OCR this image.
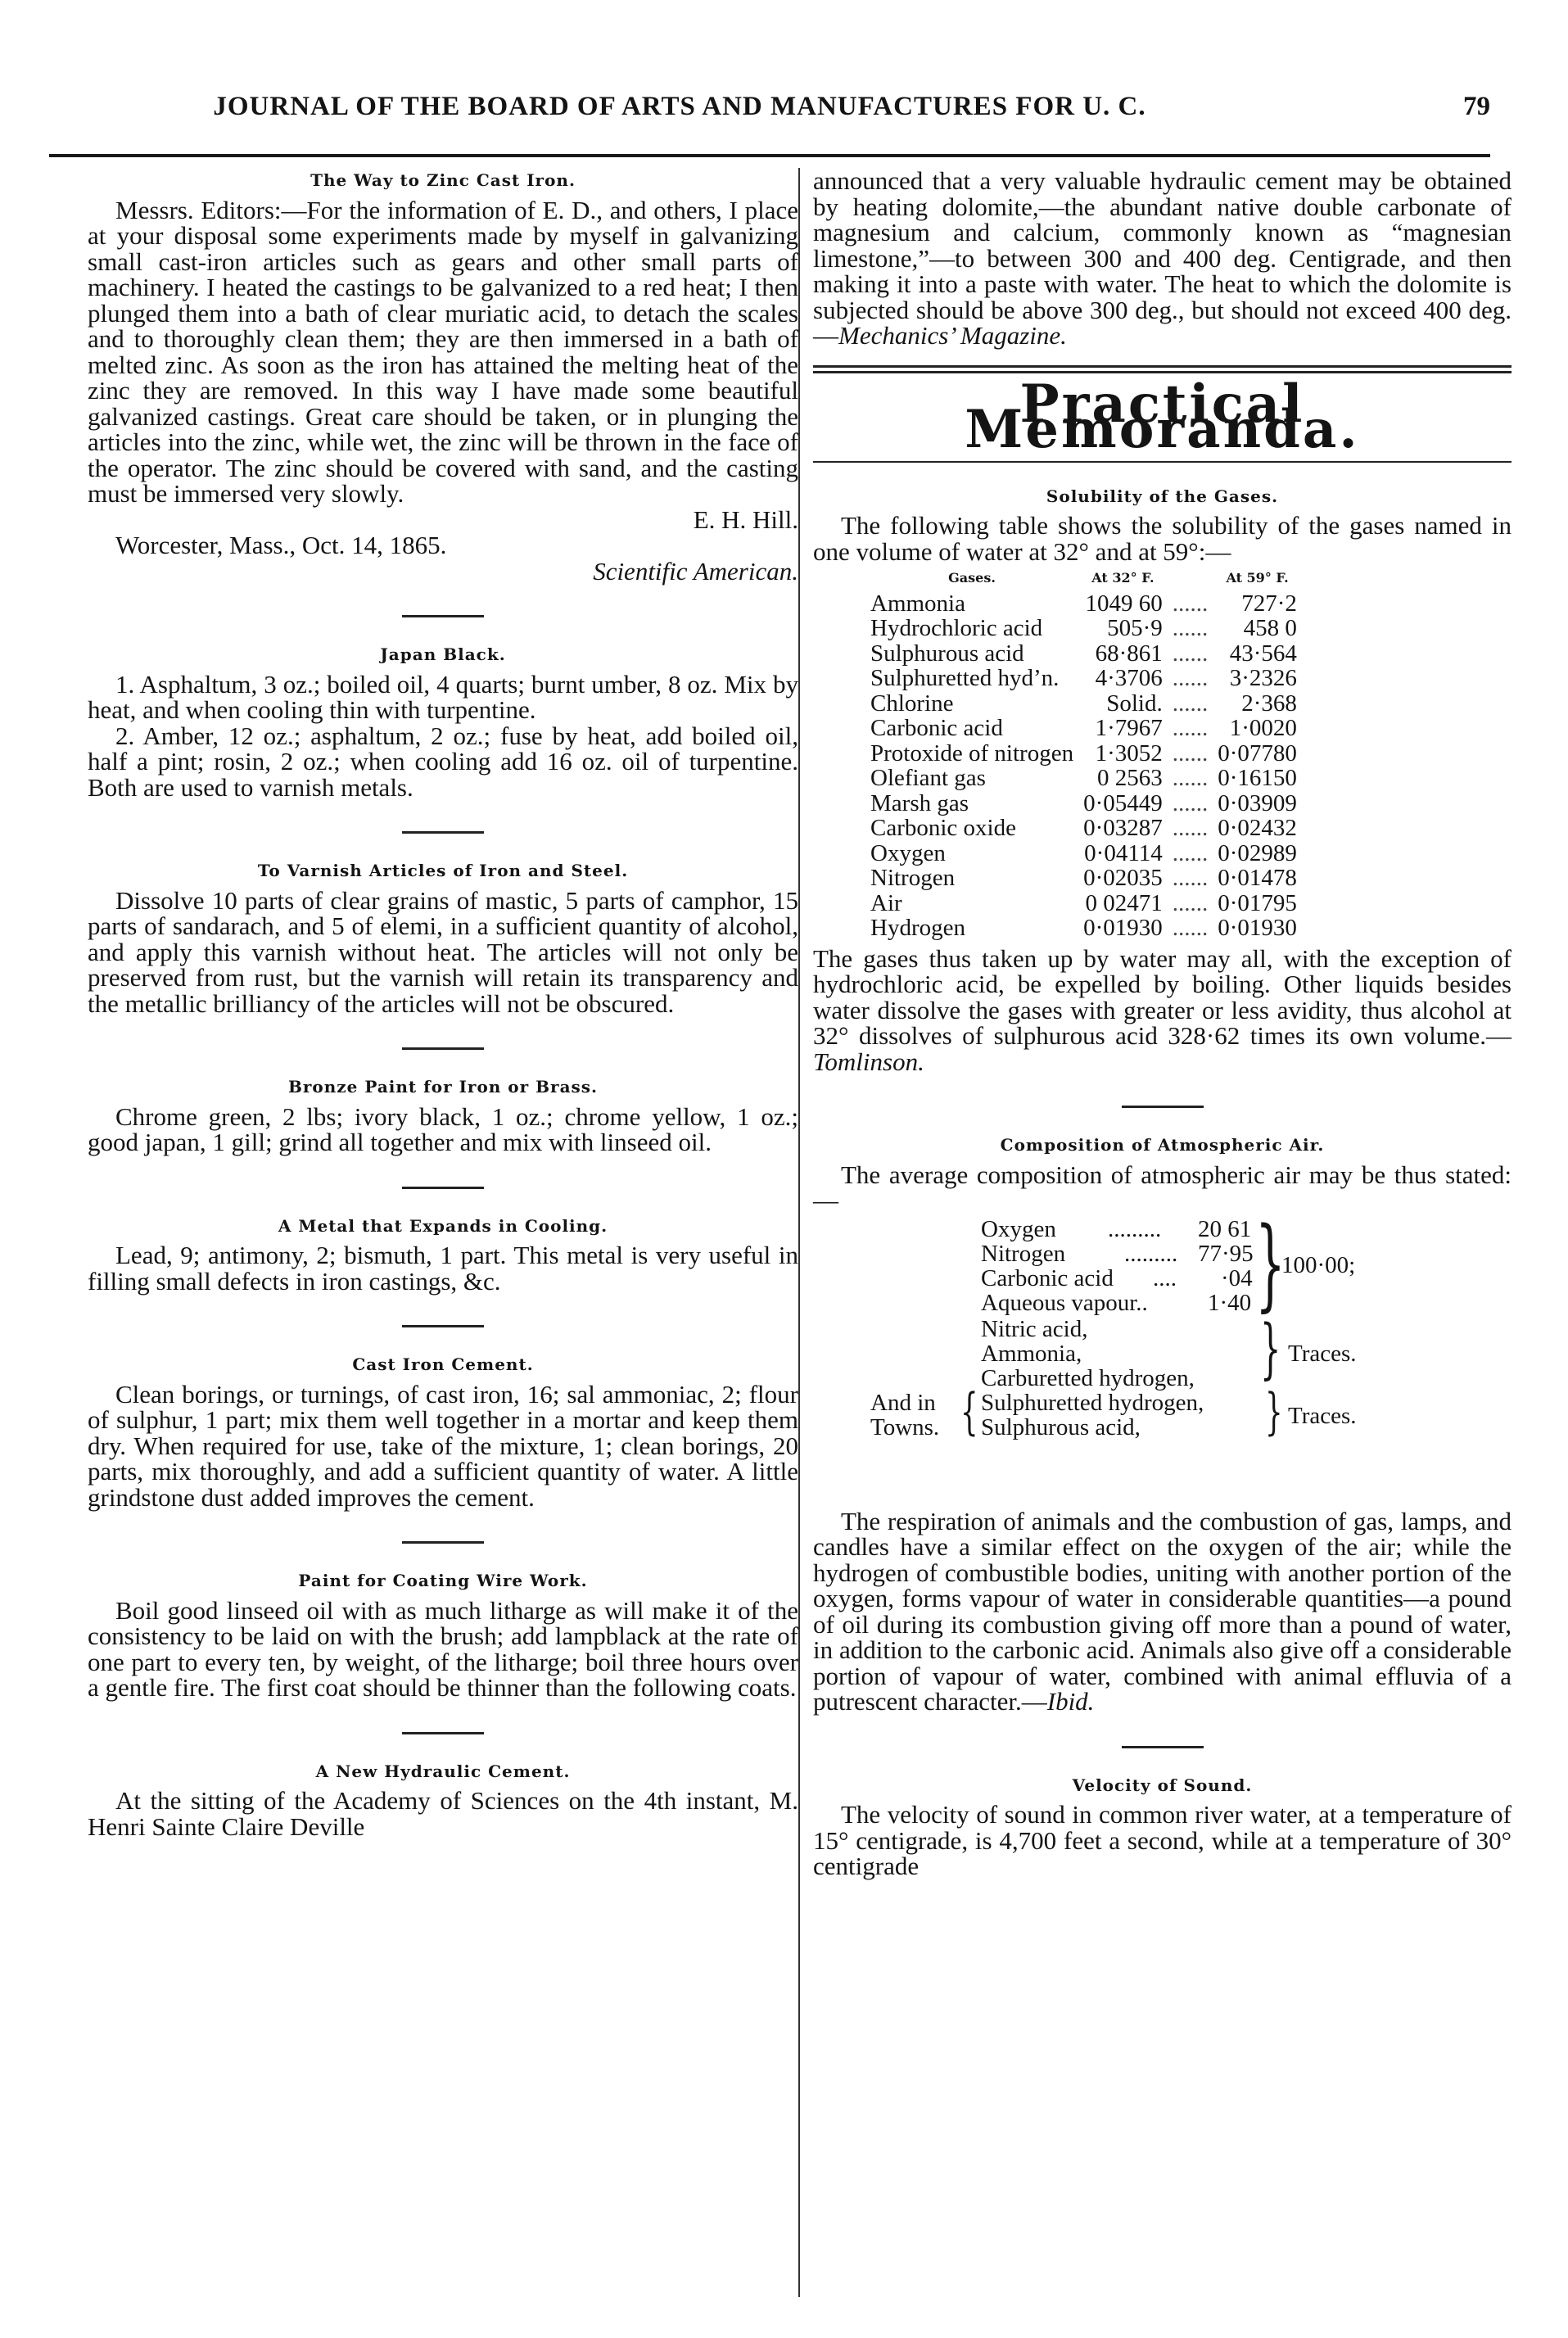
JOURNAL OF THE BOARD OF ARTS AND MANUFACTURES FOR U. C.	79
The Way to Zinc Cast Iron.

Messrs. Editors:—For the information of E. D., and others, I place at your disposal some experiments made by myself in galvanizing small cast-iron articles such as gears and other small parts of machinery. I heated the castings to be galvanized to a red heat; I then plunged them into a bath of clear muriatic acid, to detach the scales and to thoroughly clean them; they are then immersed in a bath of melted zinc. As soon as the iron has attained the melting heat of the zinc they are removed. In this way I have made some beautiful galvanized castings. Great care should be taken, or in plunging the articles into the zinc, while wet, the zinc will be thrown in the face of the operator. The zinc should be covered with sand, and the casting must be immersed very slowly.

E. H. Hill.

Worcester, Mass., Oct. 14, 1865.

Scientific American.
Japan Black.

1. Asphaltum, 3 oz.; boiled oil, 4 quarts; burnt umber, 8 oz. Mix by heat, and when cooling thin with turpentine.

2. Amber, 12 oz.; asphaltum, 2 oz.; fuse by heat, add boiled oil, half a pint; rosin, 2 oz.; when cooling add 16 oz. oil of turpentine. Both are used to varnish metals.

To Varnish Articles of Iron and Steel.

Dissolve 10 parts of clear grains of mastic, 5 parts of camphor, 15 parts of sandarach, and 5 of elemi, in a sufficient quantity of alcohol, and apply this varnish without heat. The articles will not only be preserved from rust, but the varnish will retain its transparency and the metallic brilliancy of the articles will not be obscured.

Bronze Paint for Iron or Brass.

Chrome green, 2 lbs; ivory black, 1 oz.; chrome yellow, 1 oz.; good japan, 1 gill; grind all together and mix with linseed oil.

A Metal that Expands in Cooling.

Lead, 9; antimony, 2; bismuth, 1 part. This metal is very useful in filling small defects in iron castings, &c.

Cast Iron Cement.

Clean borings, or turnings, of cast iron, 16; sal ammoniac, 2; flour of sulphur, 1 part; mix them well together in a mortar and keep them dry. When required for use, take of the mixture, 1; clean borings, 20 parts, mix thoroughly, and add a sufficient quantity of water. A little grindstone dust added improves the cement.

Paint for Coating Wire Work.

Boil good linseed oil with as much litharge as will make it of the consistency to be laid on with the brush; add lampblack at the rate of one part to every ten, by weight, of the litharge; boil three hours over a gentle fire. The first coat should be thinner than the following coats.

A New Hydraulic Cement.

At the sitting of the Academy of Sciences on the 4th instant, M. Henri Sainte Claire Deville

announced that a very valuable hydraulic cement may be obtained by heating dolomite,—the abundant native double carbonate of magnesium and calcium, commonly known as “magnesian limestone,”—to between 300 and 400 deg. Centigrade, and then making it into a paste with water. The heat to which the dolomite is subjected should be above 300 deg., but should not exceed 400 deg.—Mechanics’ Magazine.

Practical Memoranda.
Solubility of the Gases.

The following table shows the solubility of the gases named in one volume of water at 32° and at 59°:—

Gases.	At 32° F.		At 59° F.
Ammonia	1049 60	......	727·2
Hydrochloric acid	505·9	......	458 0
Sulphurous acid	68·861	......	43·564
Sulphuretted hyd’n.	4·3706	......	3·2326
Chlorine	Solid.	......	2·368
Carbonic acid	1·7967	......	1·0020
Protoxide of nitrogen	1·3052	......	0·07780
Olefiant gas	0 2563	......	0·16150
Marsh gas	0·05449	......	0·03909
Carbonic oxide	0·03287	......	0·02432
Oxygen	0·04114	......	0·02989
Nitrogen	0·02035	......	0·01478
Air	0 02471	......	0·01795
Hydrogen	0·01930	......	0·01930

The gases thus taken up by water may all, with the exception of hydrochloric acid, be expelled by boiling. Other liquids besides water dissolve the gases with greater or less avidity, thus alcohol at 32° dissolves of sulphurous acid 328·62 times its own volume.—Tomlinson.

Composition of Atmospheric Air.

The average composition of atmospheric air may be thus stated:—

Oxygen ......... 20 61
Nitrogen ......... 77·95
Carbonic acid .... ·04
Aqueous vapour..	1·40 }
100·00;
Nitric acid,
Ammonia,
Carburetted hydrogen, } Traces.
And in
Towns. { Sulphuretted hydrogen,
Sulphurous acid,	} Traces.

The respiration of animals and the combustion of gas, lamps, and candles have a similar effect on the oxygen of the air; while the hydrogen of combustible bodies, uniting with another portion of the oxygen, forms vapour of water in considerable quantities—a pound of oil during its combustion giving off more than a pound of water, in addition to the carbonic acid. Animals also give off a considerable portion of vapour of water, combined with animal effluvia of a putrescent character.—Ibid.

Velocity of Sound.

The velocity of sound in common river water, at a temperature of 15° centigrade, is 4,700 feet a second, while at a temperature of 30° centigrade
